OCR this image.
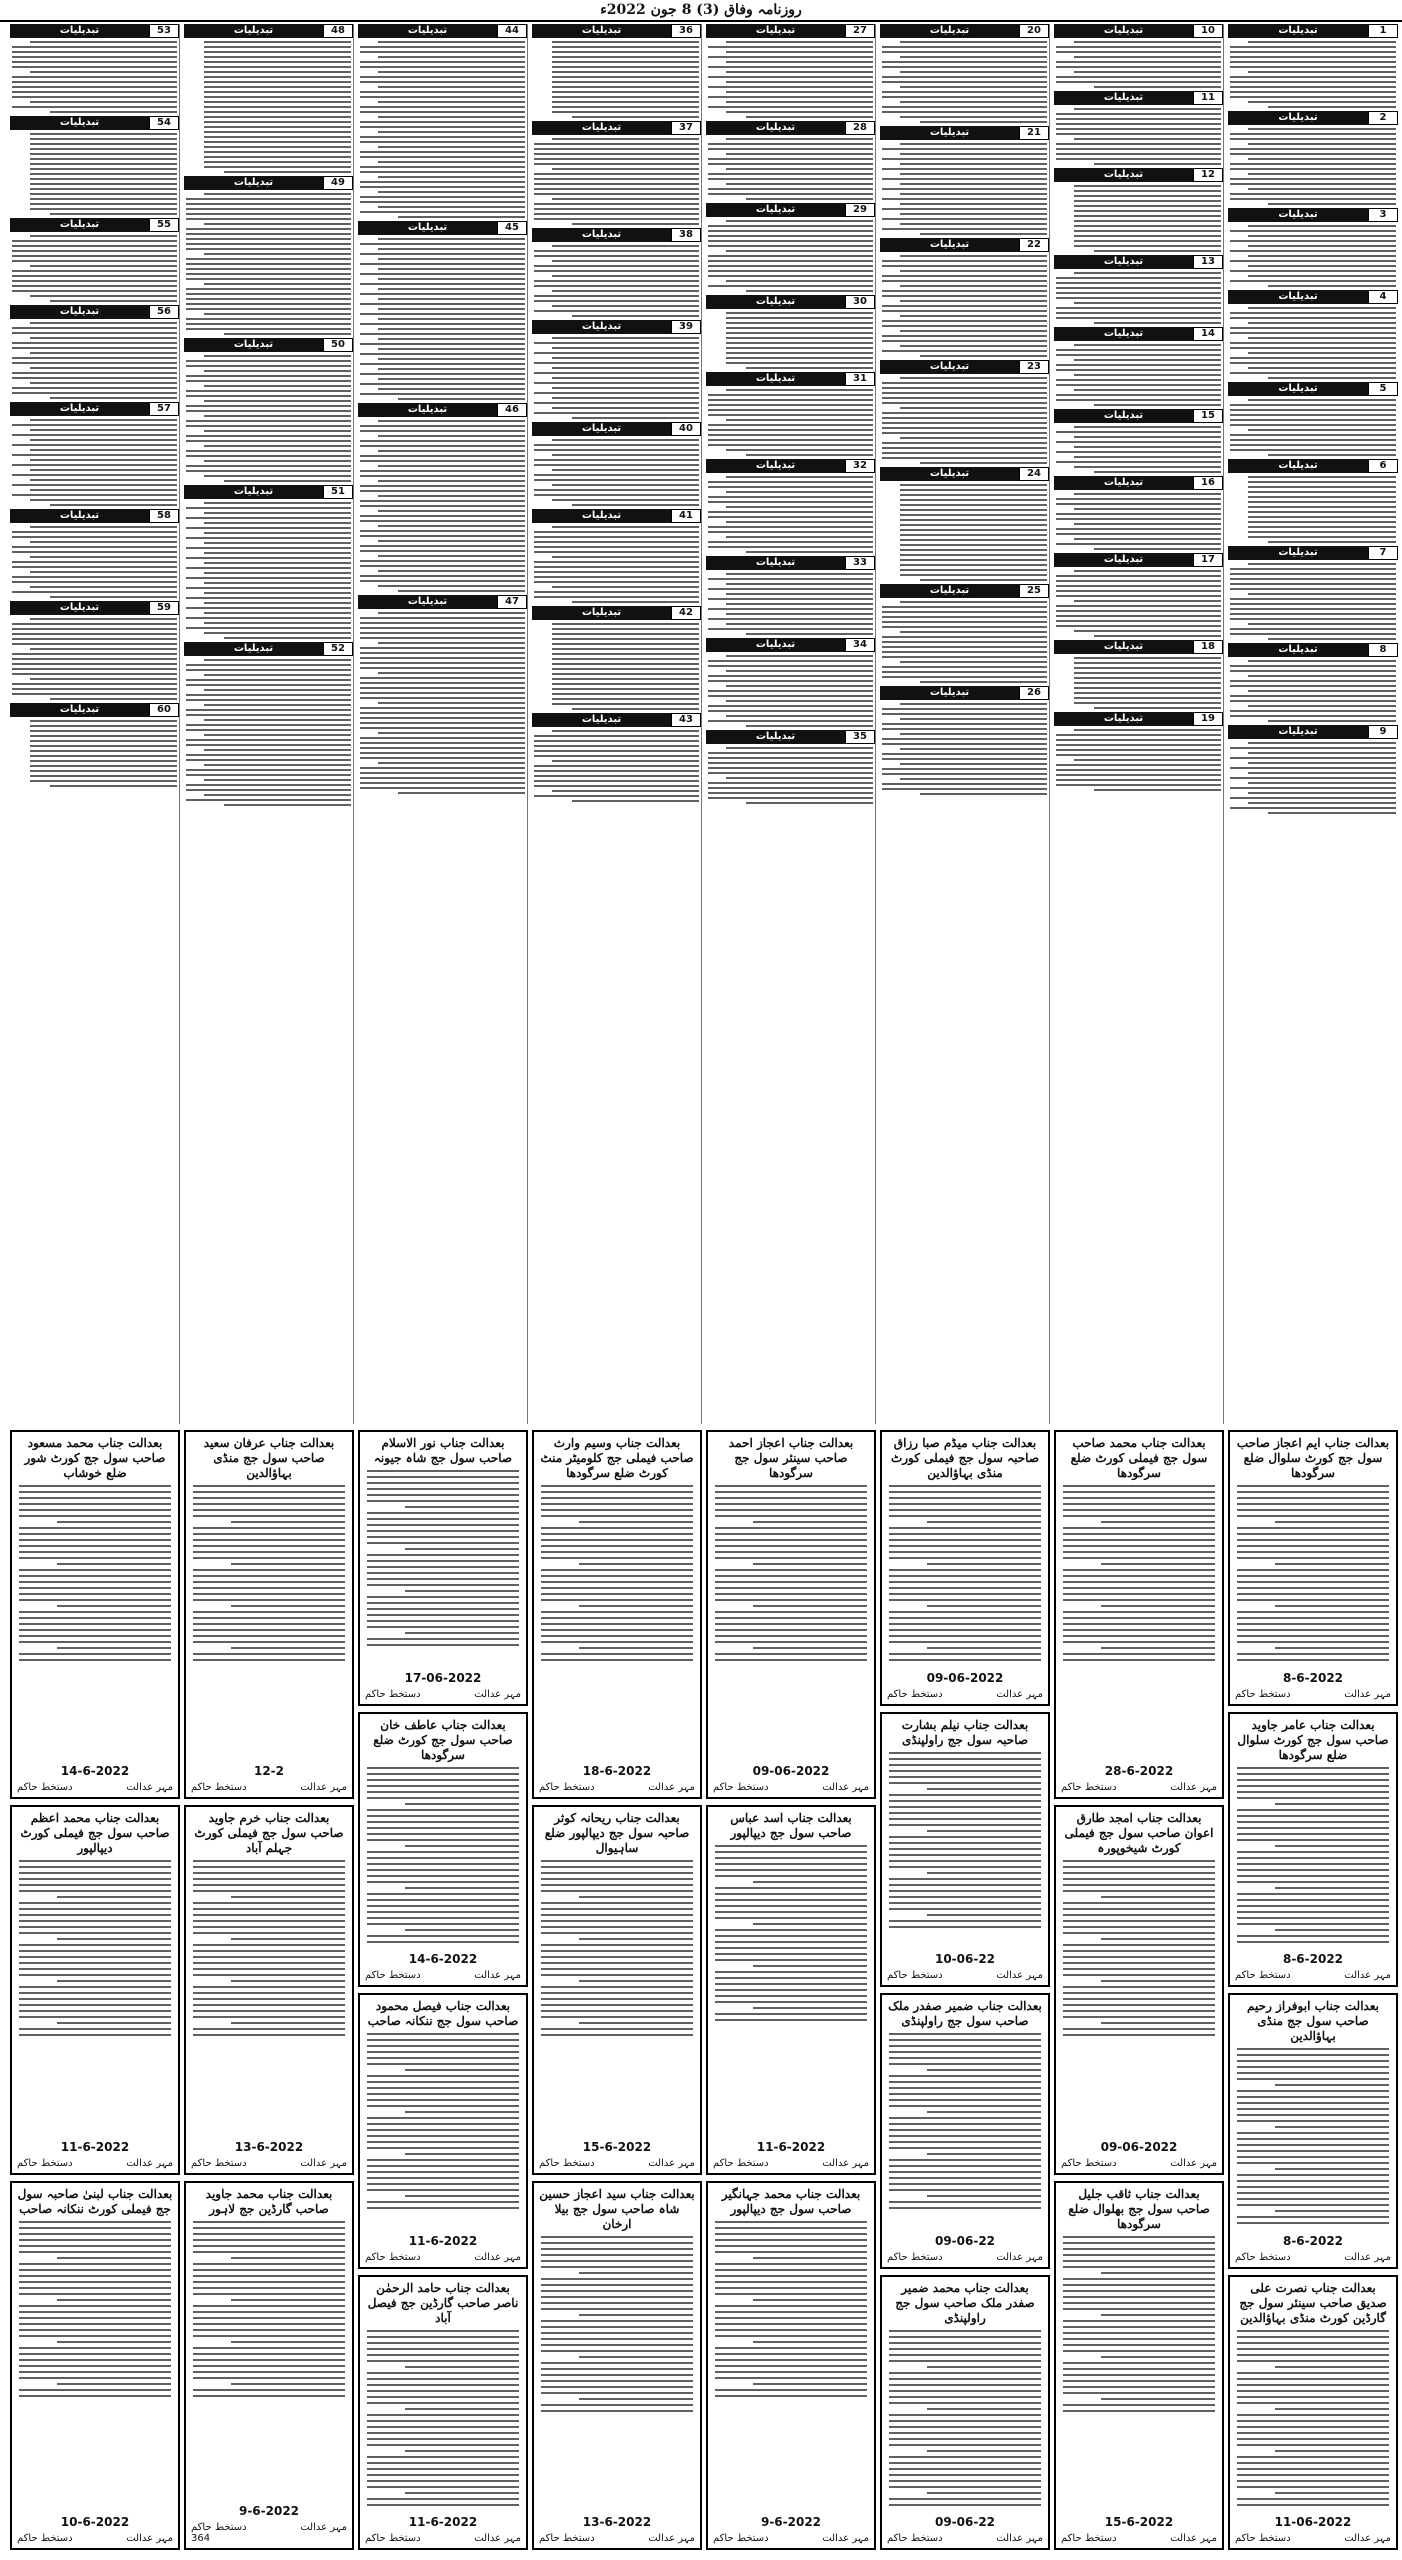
روزنامہ وفاق (3) 8 جون 2022ء
1
تبدیلیات
2
تبدیلیات
3
تبدیلیات
4
تبدیلیات
5
تبدیلیات
6
تبدیلیات
7
تبدیلیات
8
تبدیلیات
9
تبدیلیات
10
تبدیلیات
11
تبدیلیات
12
تبدیلیات
13
تبدیلیات
14
تبدیلیات
15
تبدیلیات
16
تبدیلیات
17
تبدیلیات
18
تبدیلیات
19
تبدیلیات
20
تبدیلیات
21
تبدیلیات
22
تبدیلیات
23
تبدیلیات
24
تبدیلیات
25
تبدیلیات
26
تبدیلیات
27
تبدیلیات
28
تبدیلیات
29
تبدیلیات
30
تبدیلیات
31
تبدیلیات
32
تبدیلیات
33
تبدیلیات
34
تبدیلیات
35
تبدیلیات
36
تبدیلیات
37
تبدیلیات
38
تبدیلیات
39
تبدیلیات
40
تبدیلیات
41
تبدیلیات
42
تبدیلیات
43
تبدیلیات
44
تبدیلیات
45
تبدیلیات
46
تبدیلیات
47
تبدیلیات
48
تبدیلیات
49
تبدیلیات
50
تبدیلیات
51
تبدیلیات
52
تبدیلیات
53
تبدیلیات
54
تبدیلیات
55
تبدیلیات
56
تبدیلیات
57
تبدیلیات
58
تبدیلیات
59
تبدیلیات
60
تبدیلیات
بعدالت جناب ایم اعجاز صاحب سول جج کورٹ سلوال ضلع سرگودھا
8-6-2022
مہر عدالت
دستخط حاکم
بعدالت جناب عامر جاوید صاحب سول جج کورٹ سلوال ضلع سرگودھا
8-6-2022
مہر عدالت
دستخط حاکم
بعدالت جناب ابوفراز رحیم صاحب سول جج منڈی بہاؤالدین
8-6-2022
مہر عدالت
دستخط حاکم
بعدالت جناب نصرت علی صدیق صاحب سینئر سول جج گارڈین کورٹ منڈی بہاؤالدین
11-06-2022
مہر عدالت
دستخط حاکم
بعدالت جناب محمد صاحب سول جج فیملی کورٹ ضلع سرگودھا
28-6-2022
مہر عدالت
دستخط حاکم
بعدالت جناب امجد طارق اعوان صاحب سول جج فیملی کورٹ شیخوپورہ
09-06-2022
مہر عدالت
دستخط حاکم
بعدالت جناب ثاقب جلیل صاحب سول جج بھلوال ضلع سرگودھا
15-6-2022
مہر عدالت
دستخط حاکم
بعدالت جناب میڈم صبا رزاق صاحبہ سول جج فیملی کورٹ منڈی بہاؤالدین
09-06-2022
مہر عدالت
دستخط حاکم
بعدالت جناب نیلم بشارت صاحبہ سول جج راولپنڈی
10-06-22
مہر عدالت
دستخط حاکم
بعدالت جناب ضمیر صفدر ملک صاحب سول جج راولپنڈی
09-06-22
مہر عدالت
دستخط حاکم
بعدالت جناب محمد ضمیر صفدر ملک صاحب سول جج راولپنڈی
09-06-22
مہر عدالت
دستخط حاکم
بعدالت جناب اعجاز احمد صاحب سینئر سول جج سرگودھا
09-06-2022
مہر عدالت
دستخط حاکم
بعدالت جناب اسد عباس صاحب سول جج دیپالپور
11-6-2022
مہر عدالت
دستخط حاکم
بعدالت جناب محمد جہانگیر صاحب سول جج دیپالپور
9-6-2022
مہر عدالت
دستخط حاکم
بعدالت جناب وسیم وارث صاحب فیملی جج کلومیٹر منٹ کورٹ ضلع سرگودھا
18-6-2022
مہر عدالت
دستخط حاکم
بعدالت جناب ریحانہ کوثر صاحبہ سول جج دیپالپور ضلع ساہیوال
15-6-2022
مہر عدالت
دستخط حاکم
بعدالت جناب سید اعجاز حسین شاہ صاحب سول جج بیلا ارخان
13-6-2022
مہر عدالت
دستخط حاکم
بعدالت جناب نور الاسلام صاحب سول جج شاہ جیونہ
17-06-2022
مہر عدالت
دستخط حاکم
بعدالت جناب عاطف خان صاحب سول جج کورٹ ضلع سرگودھا
14-6-2022
مہر عدالت
دستخط حاکم
بعدالت جناب فیصل محمود صاحب سول جج ننکانہ صاحب
11-6-2022
مہر عدالت
دستخط حاکم
بعدالت جناب حامد الرحمٰن ناصر صاحب گارڈین جج فیصل آباد
11-6-2022
مہر عدالت
دستخط حاکم
بعدالت جناب عرفان سعید صاحب سول جج منڈی بہاؤالدین
12-2
مہر عدالت
دستخط حاکم
بعدالت جناب خرم جاوید صاحب سول جج فیملی کورٹ جہلم آباد
13-6-2022
مہر عدالت
دستخط حاکم
بعدالت جناب محمد جاوید صاحب گارڈین جج لاہور
9-6-2022
مہر عدالت
دستخط حاکم
364
بعدالت جناب محمد مسعود صاحب سول جج کورٹ شور ضلع خوشاب
14-6-2022
مہر عدالت
دستخط حاکم
بعدالت جناب محمد اعظم صاحب سول جج فیملی کورٹ دیپالپور
11-6-2022
مہر عدالت
دستخط حاکم
بعدالت جناب لبنیٰ صاحبہ سول جج فیملی کورٹ ننکانہ صاحب
10-6-2022
مہر عدالت
دستخط حاکم
